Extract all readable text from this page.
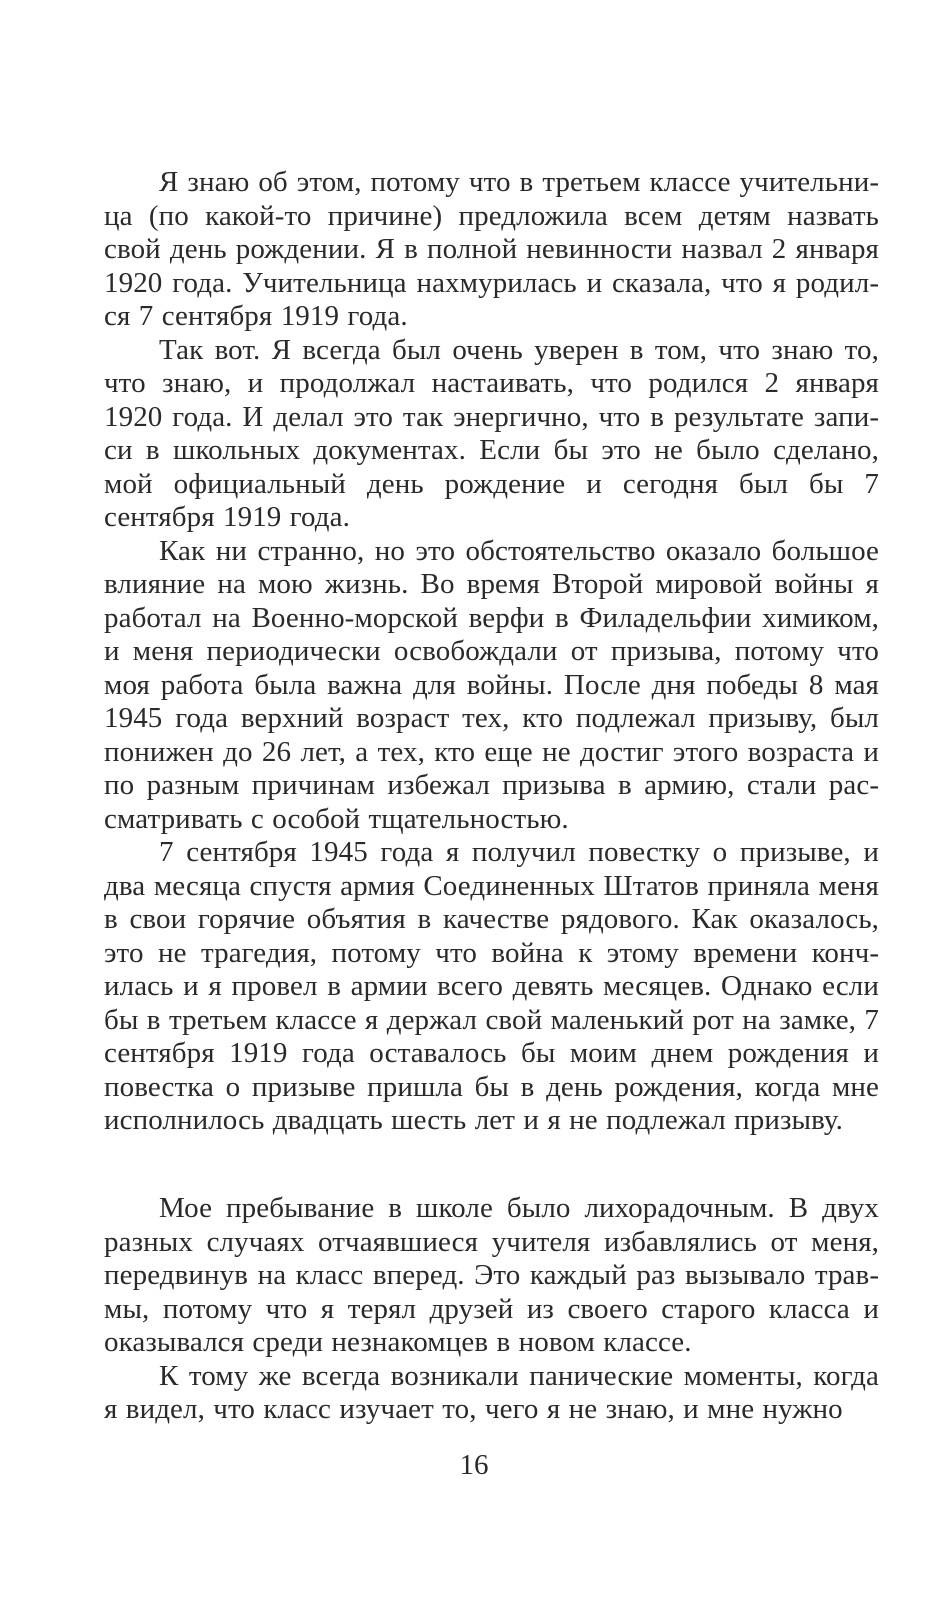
Я знаю об этом, потому что в третьем классе учительница (по какой-то причине) предложила всем детям назвать свой день рождении. Я в полной невинности назвал 2 января 1920 года. Учительница нахмурилась и сказала, что я родился 7 сентября 1919 года.

Так вот. Я всегда был очень уверен в том, что знаю то, что знаю, и продолжал настаивать, что родился 2 января 1920 года. И делал это так энергично, что в результате записи в школьных документах. Если бы это не было сделано, мой официальный день рождение и сегодня был бы 7 сентября 1919 года.

Как ни странно, но это обстоятельство оказало большое влияние на мою жизнь. Во время Второй мировой войны я работал на Военно-морской верфи в Филадельфии химиком, и меня периодически освобождали от призыва, потому что моя работа была важна для войны. После дня победы 8 мая 1945 года верхний возраст тех, кто подлежал призыву, был понижен до 26 лет, а тех, кто еще не достиг этого возраста и по разным причинам избежал призыва в армию, стали рассматривать с особой тщательностью.

7 сентября 1945 года я получил повестку о призыве, и два месяца спустя армия Соединенных Штатов приняла меня в свои горячие объятия в качестве рядового. Как оказалось, это не трагедия, потому что война к этому времени кончилась и я провел в армии всего девять месяцев. Однако если бы в третьем классе я держал свой маленький рот на замке, 7 сентября 1919 года оставалось бы моим днем рождения и повестка о призыве пришла бы в день рождения, когда мне исполнилось двадцать шесть лет и я не подлежал призыву.

Мое пребывание в школе было лихорадочным. В двух разных случаях отчаявшиеся учителя избавлялись от меня, передвинув на класс вперед. Это каждый раз вызывало травмы, потому что я терял друзей из своего старого класса и оказывался среди незнакомцев в новом классе.

К тому же всегда возникали панические моменты, когда я видел, что класс изучает то, чего я не знаю, и мне нужно

16
